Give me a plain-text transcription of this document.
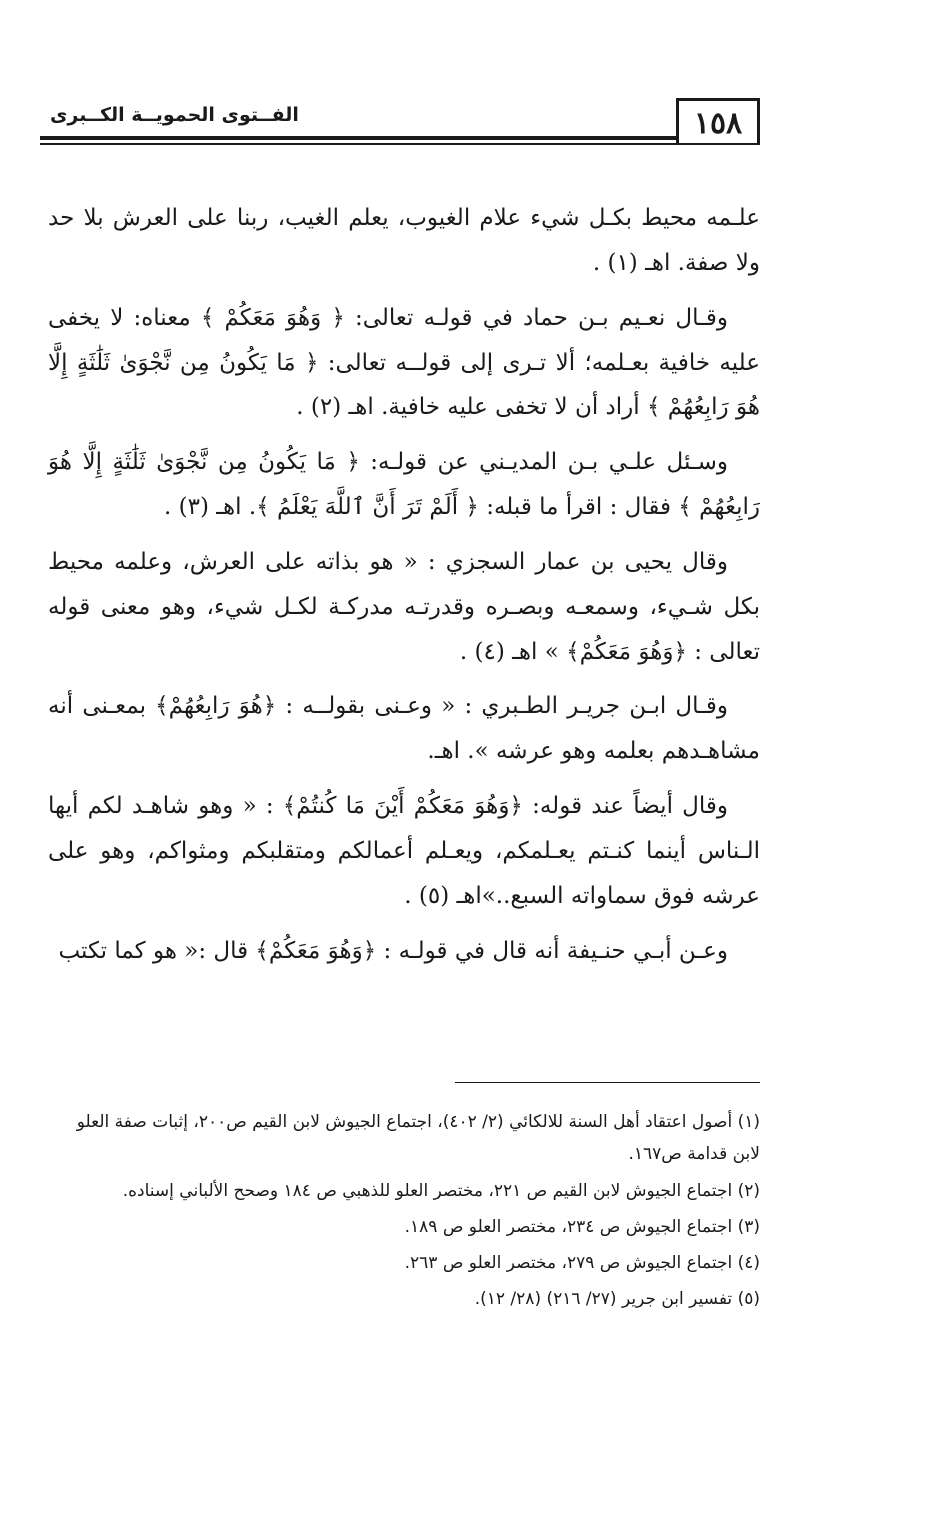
١٥٨
الفــتوى الحمويــة الكــبرى

علـمه محيط بكـل شيء علام الغيوب، يعلم الغيب، ربنا على العرش بلا حد ولا صفة. اهـ (١) .

وقـال نعـيم بـن حماد في قولـه تعالى: ﴿ وَهُوَ مَعَكُمْ ﴾ معناه: لا يخفى عليه خافية بعـلمه؛ ألا تـرى إلى قولــه تعالى: ﴿ مَا يَكُونُ مِن نَّجْوَىٰ ثَلَٰثَةٍ إِلَّا هُوَ رَابِعُهُمْ ﴾ أراد أن لا تخفى عليه خافية. اهـ (٢) .

وسـئل علـي بـن المديـني عن قولـه: ﴿ مَا يَكُونُ مِن نَّجْوَىٰ ثَلَٰثَةٍ إِلَّا هُوَ رَابِعُهُمْ ﴾ فقال : اقرأ ما قبله: ﴿ أَلَمْ تَرَ أَنَّ ٱللَّهَ يَعْلَمُ ﴾. اهـ (٣) .

وقال يحيى بن عمار السجزي : « هو بذاته على العرش، وعلمه محيط بكل شـيء، وسمعـه وبصـره وقدرتـه مدركـة لكـل شيء، وهو معنى قوله تعالى : ﴿وَهُوَ مَعَكُمْ﴾ » اهـ (٤) .

وقـال ابـن جريـر الطـبري : « وعـنى بقولــه : ﴿هُوَ رَابِعُهُمْ﴾ بمعـنى أنه مشاهـدهم بعلمه وهو عرشه ». اهـ.

وقال أيضاً عند قوله: ﴿وَهُوَ مَعَكُمْ أَيْنَ مَا كُنتُمْ﴾ : « وهو شاهـد لكم أيها الـناس أينما كنـتم يعـلمكم، ويعـلم أعمالكم ومتقلبكم ومثواكم، وهو على عرشه فوق سماواته السبع..»اهـ (٥) .

وعـن أبـي حنـيفة أنه قال في قولـه : ﴿وَهُوَ مَعَكُمْ﴾ قال :« هو كما تكتب

(١) أصول اعتقاد أهل السنة للالكائي (٢/ ٤٠٢)، اجتماع الجيوش لابن القيم ص٢٠٠، إثبات صفة العلو لابن قدامة ص١٦٧.
(٢) اجتماع الجيوش لابن القيم ص ٢٢١، مختصر العلو للذهبي ص ١٨٤ وصحح الألباني إسناده.
(٣) اجتماع الجيوش ص ٢٣٤، مختصر العلو ص ١٨٩.
(٤) اجتماع الجيوش ص ٢٧٩، مختصر العلو ص ٢٦٣.
(٥) تفسير ابن جرير (٢٧/ ٢١٦) (٢٨/ ١٢).
